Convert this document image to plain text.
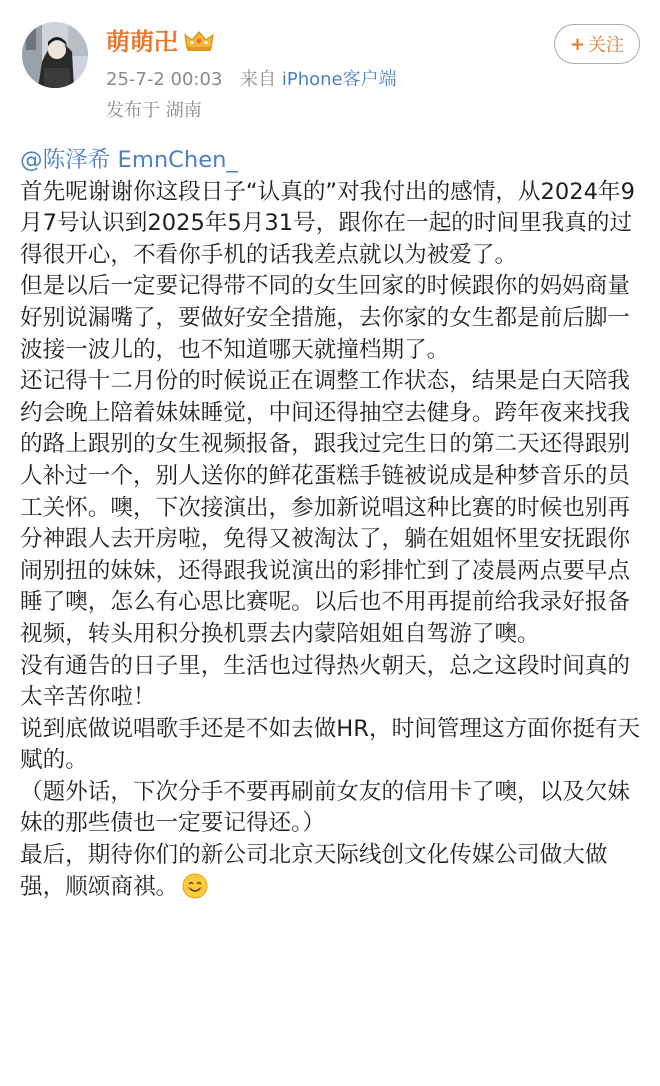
萌萌卍
25-7-2 00:03 来自 iPhone客户端
发布于 湖南
+ 关注

@陈泽希 EmnChen_

首先呢谢谢你这段日子“认真的”对我付出的感情，从2024年9月7号认识到2025年5月31号，跟你在一起的时间里我真的过得很开心，不看你手机的话我差点就以为被爱了。

但是以后一定要记得带不同的女生回家的时候跟你的妈妈商量好别说漏嘴了，要做好安全措施，去你家的女生都是前后脚一波接一波儿的，也不知道哪天就撞档期了。

还记得十二月份的时候说正在调整工作状态，结果是白天陪我约会晚上陪着妹妹睡觉，中间还得抽空去健身。跨年夜来找我的路上跟别的女生视频报备，跟我过完生日的第二天还得跟别人补过一个，别人送你的鲜花蛋糕手链被说成是种梦音乐的员工关怀。噢，下次接演出，参加新说唱这种比赛的时候也别再分神跟人去开房啦，免得又被淘汰了，躺在姐姐怀里安抚跟你闹别扭的妹妹，还得跟我说演出的彩排忙到了凌晨两点要早点睡了噢，怎么有心思比赛呢。以后也不用再提前给我录好报备视频，转头用积分换机票去内蒙陪姐姐自驾游了噢。

没有通告的日子里，生活也过得热火朝天，总之这段时间真的太辛苦你啦！

说到底做说唱歌手还是不如去做HR，时间管理这方面你挺有天赋的。

（题外话，下次分手不要再刷前女友的信用卡了噢，以及欠妹妹的那些债也一定要记得还。）

最后，期待你们的新公司北京天际线创文化传媒公司做大做强，顺颂商祺。
